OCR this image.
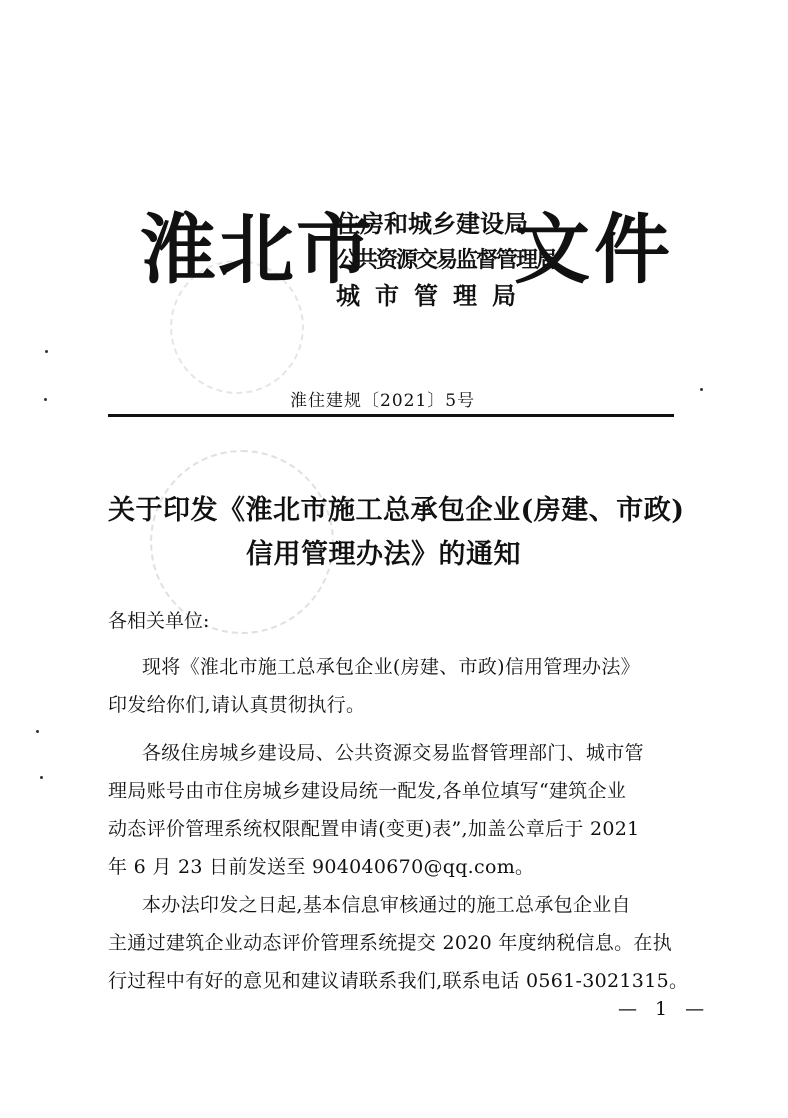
淮北市
住房和城乡建设局
公共资源交易监督管理局
城市管理局
文件
淮住建规〔2021〕5号
关于印发《淮北市施工总承包企业(房建、市政)
信用管理办法》的通知
各相关单位:
现将《淮北市施工总承包企业(房建、市政)信用管理办法》
印发给你们,请认真贯彻执行。
各级住房城乡建设局、公共资源交易监督管理部门、城市管
理局账号由市住房城乡建设局统一配发,各单位填写“建筑企业
动态评价管理系统权限配置申请(变更)表”,加盖公章后于 2021
年 6 月 23 日前发送至 904040670@qq.com。
本办法印发之日起,基本信息审核通过的施工总承包企业自
主通过建筑企业动态评价管理系统提交 2020 年度纳税信息。在执
行过程中有好的意见和建议请联系我们,联系电话 0561-3021315。
— 1 —
